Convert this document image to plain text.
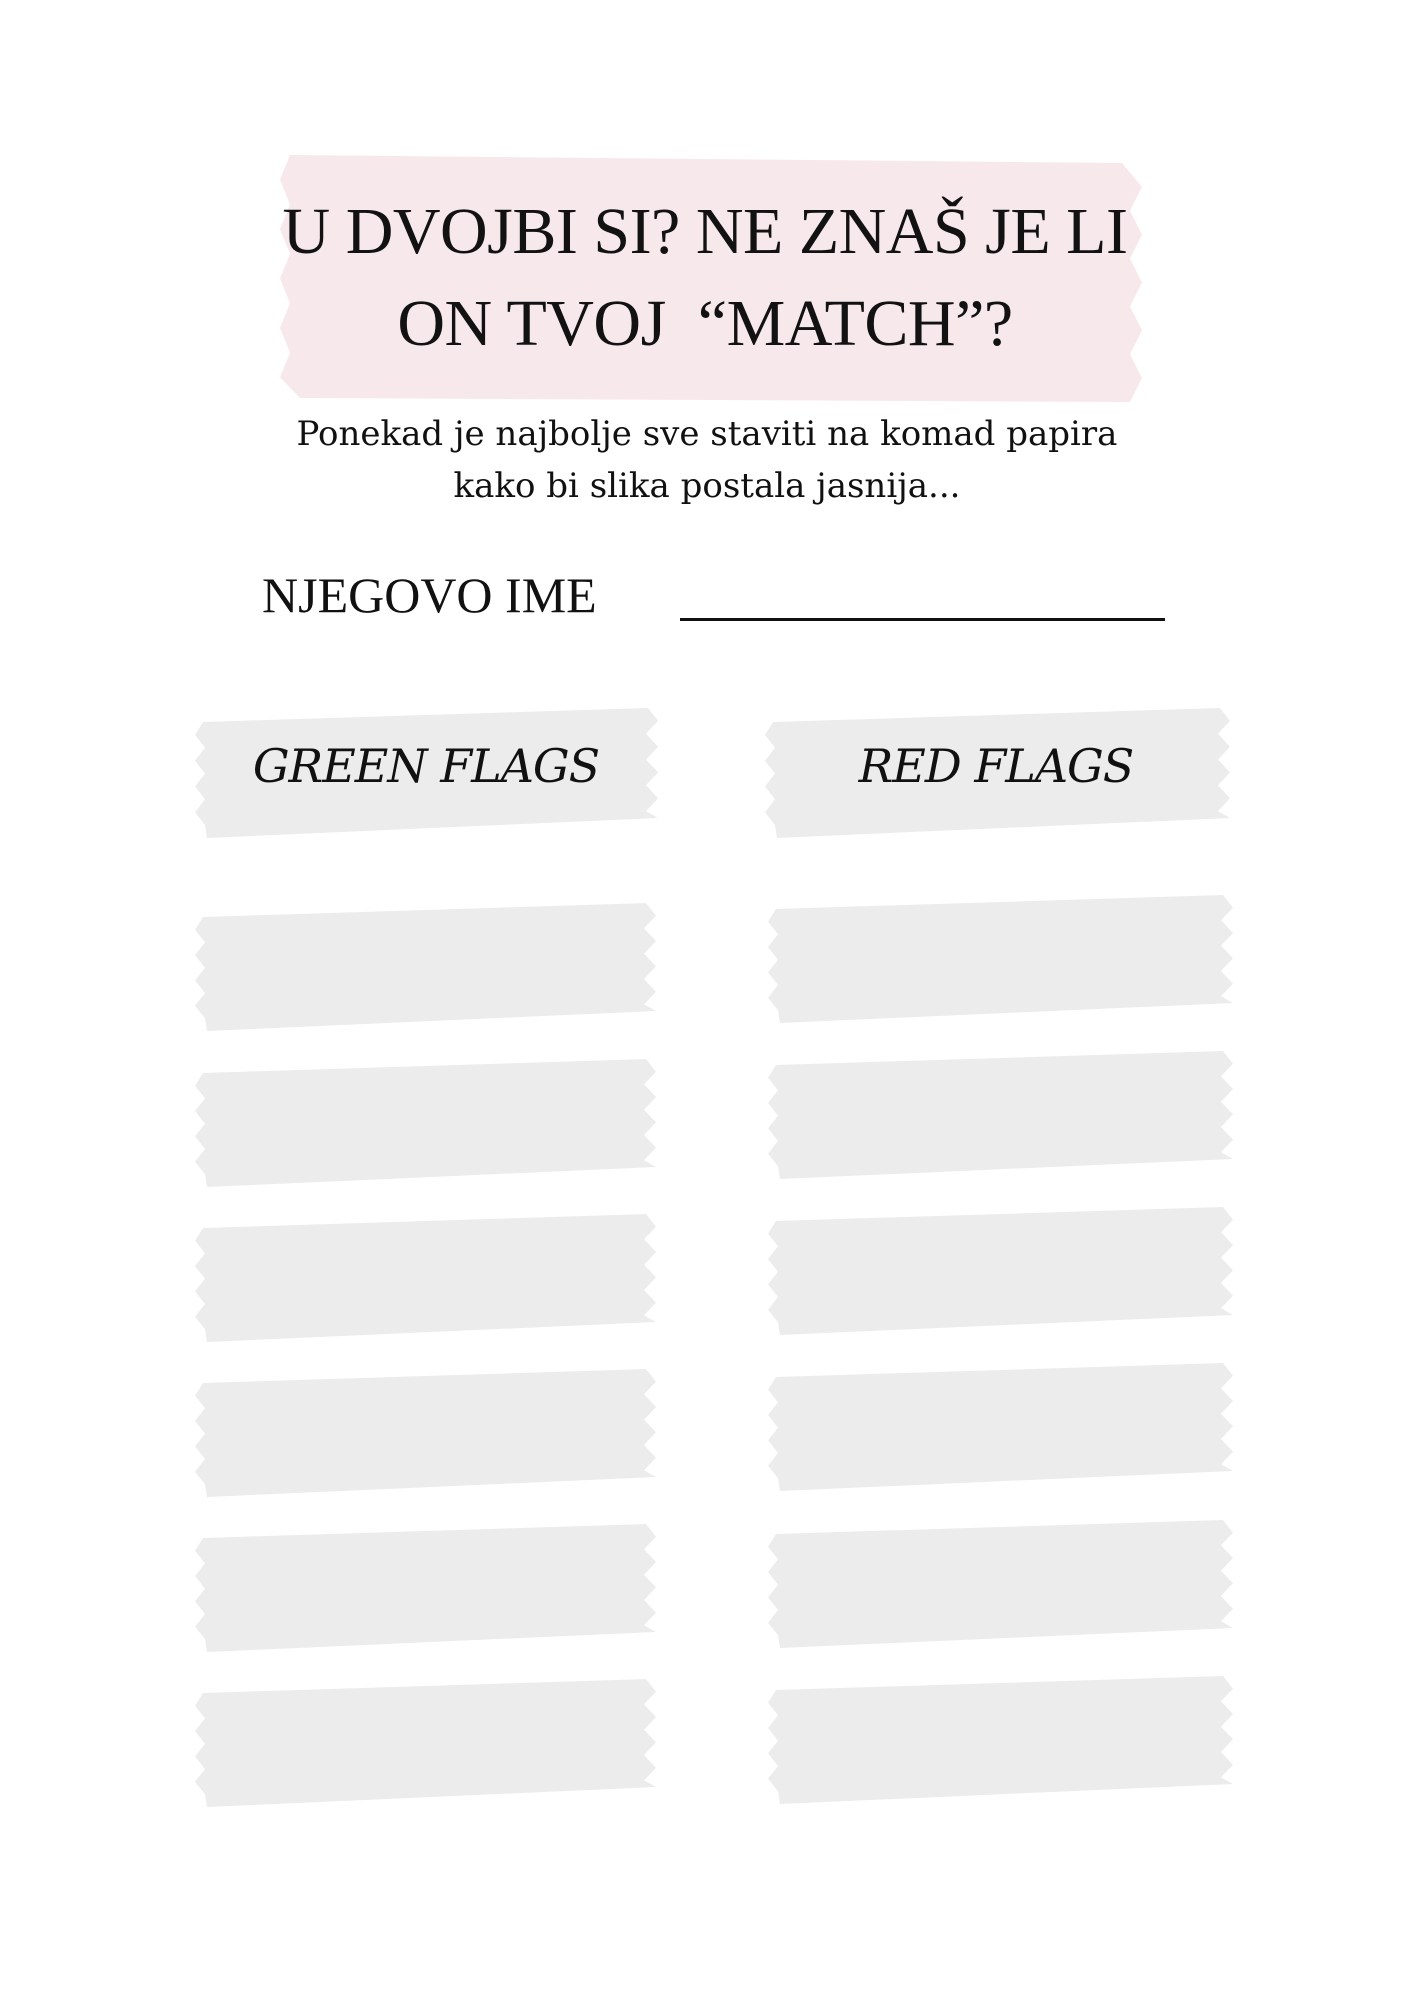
U DVOJBI SI? NE ZNAŠ JE LI
ON TVOJ  “MATCH”?
Ponekad je najbolje sve staviti na komad papira
kako bi slika postala jasnija...
NJEGOVO IME
GREEN FLAGS	RED FLAGS
